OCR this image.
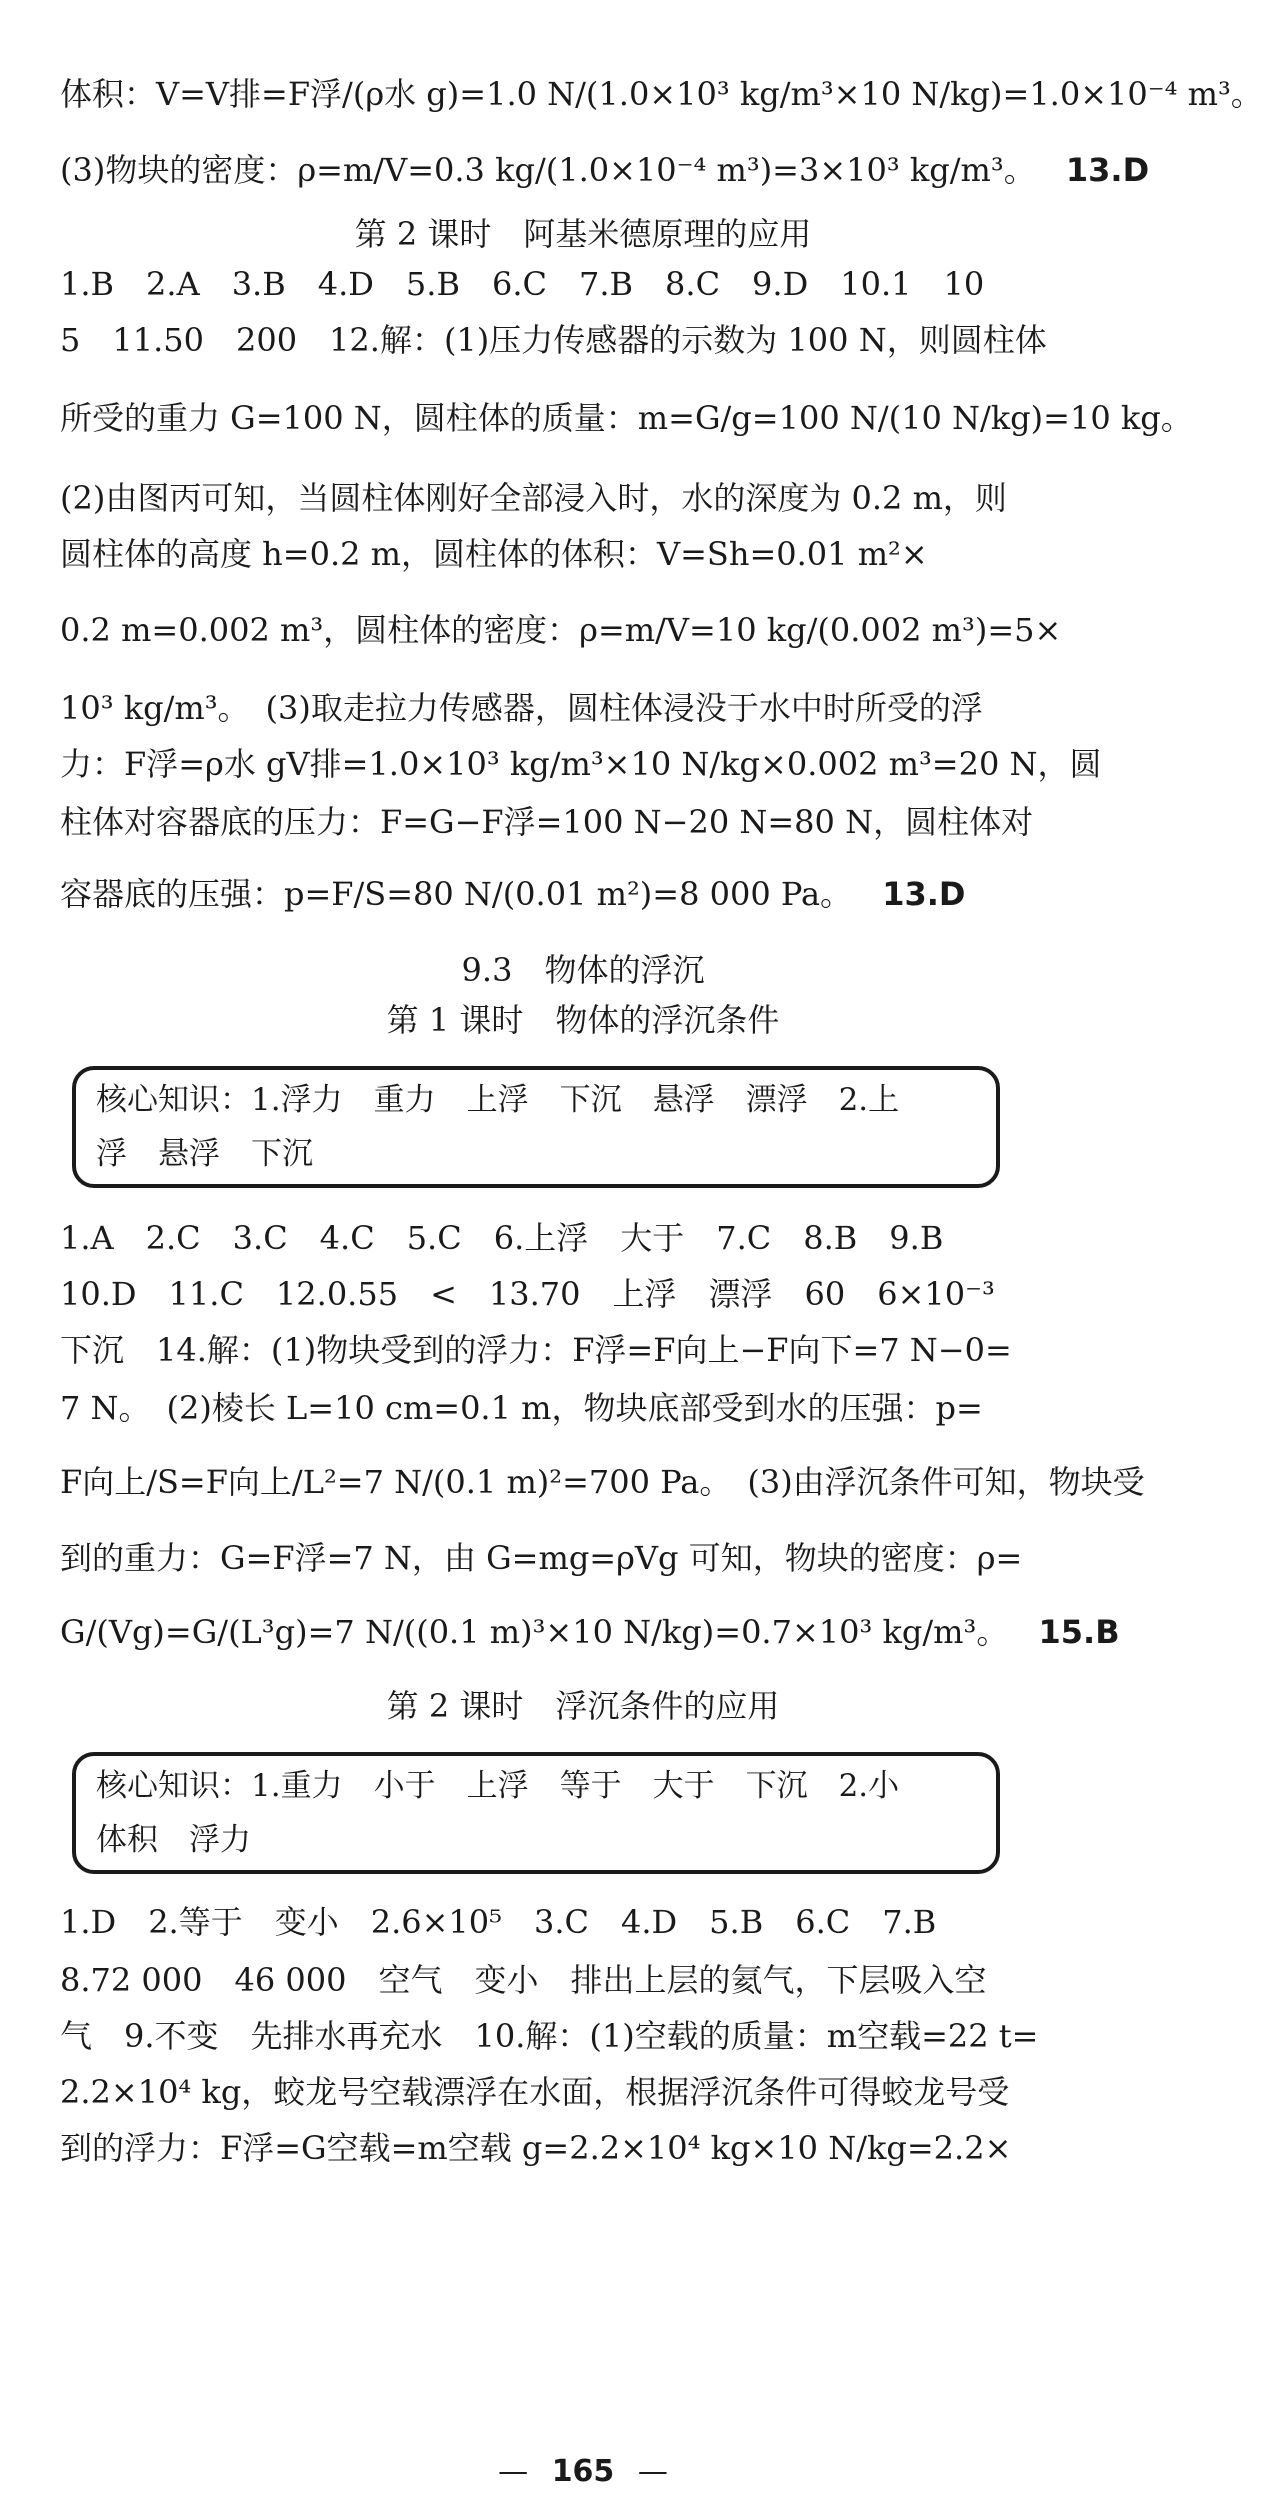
体积：V=V排=F浮/(ρ水 g)=1.0 N/(1.0×10³ kg/m³×10 N/kg)=1.0×10⁻⁴ m³。
(3)物块的密度：ρ=m/V=0.3 kg/(1.0×10⁻⁴ m³)=3×10³ kg/m³。 13.D
第 2 课时　阿基米德原理的应用
1.B　2.A　3.B　4.D　5.B　6.C　7.B　8.C　9.D　10.1　10
5　11.50　200　12.解：(1)压力传感器的示数为 100 N，则圆柱体
所受的重力 G=100 N，圆柱体的质量：m=G/g=100 N/(10 N/kg)=10 kg。
(2)由图丙可知，当圆柱体刚好全部浸入时，水的深度为 0.2 m，则
圆柱体的高度 h=0.2 m，圆柱体的体积：V=Sh=0.01 m²×
0.2 m=0.002 m³，圆柱体的密度：ρ=m/V=10 kg/(0.002 m³)=5×
10³ kg/m³。　(3)取走拉力传感器，圆柱体浸没于水中时所受的浮
力：F浮=ρ水 gV排=1.0×10³ kg/m³×10 N/kg×0.002 m³=20 N，圆
柱体对容器底的压力：F=G−F浮=100 N−20 N=80 N，圆柱体对
容器底的压强：p=F/S=80 N/(0.01 m²)=8 000 Pa。 13.D
9.3　物体的浮沉
第 1 课时　物体的浮沉条件
核心知识：1.浮力　重力　上浮　下沉　悬浮　漂浮　2.上
浮　悬浮　下沉
1.A　2.C　3.C　4.C　5.C　6.上浮　大于　7.C　8.B　9.B
10.D　11.C　12.0.55　<　13.70　上浮　漂浮　60　6×10⁻³
下沉　14.解：(1)物块受到的浮力：F浮=F向上−F向下=7 N−0=
7 N。　(2)棱长 L=10 cm=0.1 m，物块底部受到水的压强：p=
F向上/S=F向上/L²=7 N/(0.1 m)²=700 Pa。　(3)由浮沉条件可知，物块受
到的重力：G=F浮=7 N，由 G=mg=ρVg 可知，物块的密度：ρ=
G/(Vg)=G/(L³g)=7 N/((0.1 m)³×10 N/kg)=0.7×10³ kg/m³。 15.B
第 2 课时　浮沉条件的应用
核心知识：1.重力　小于　上浮　等于　大于　下沉　2.小
体积　浮力
1.D　2.等于　变小　2.6×10⁵　3.C　4.D　5.B　6.C　7.B
8.72 000　46 000　空气　变小　排出上层的氦气，下层吸入空
气　9.不变　先排水再充水　10.解：(1)空载的质量：m空载=22 t=
2.2×10⁴ kg，蛟龙号空载漂浮在水面，根据浮沉条件可得蛟龙号受
到的浮力：F浮=G空载=m空载 g=2.2×10⁴ kg×10 N/kg=2.2×
— 165 —
